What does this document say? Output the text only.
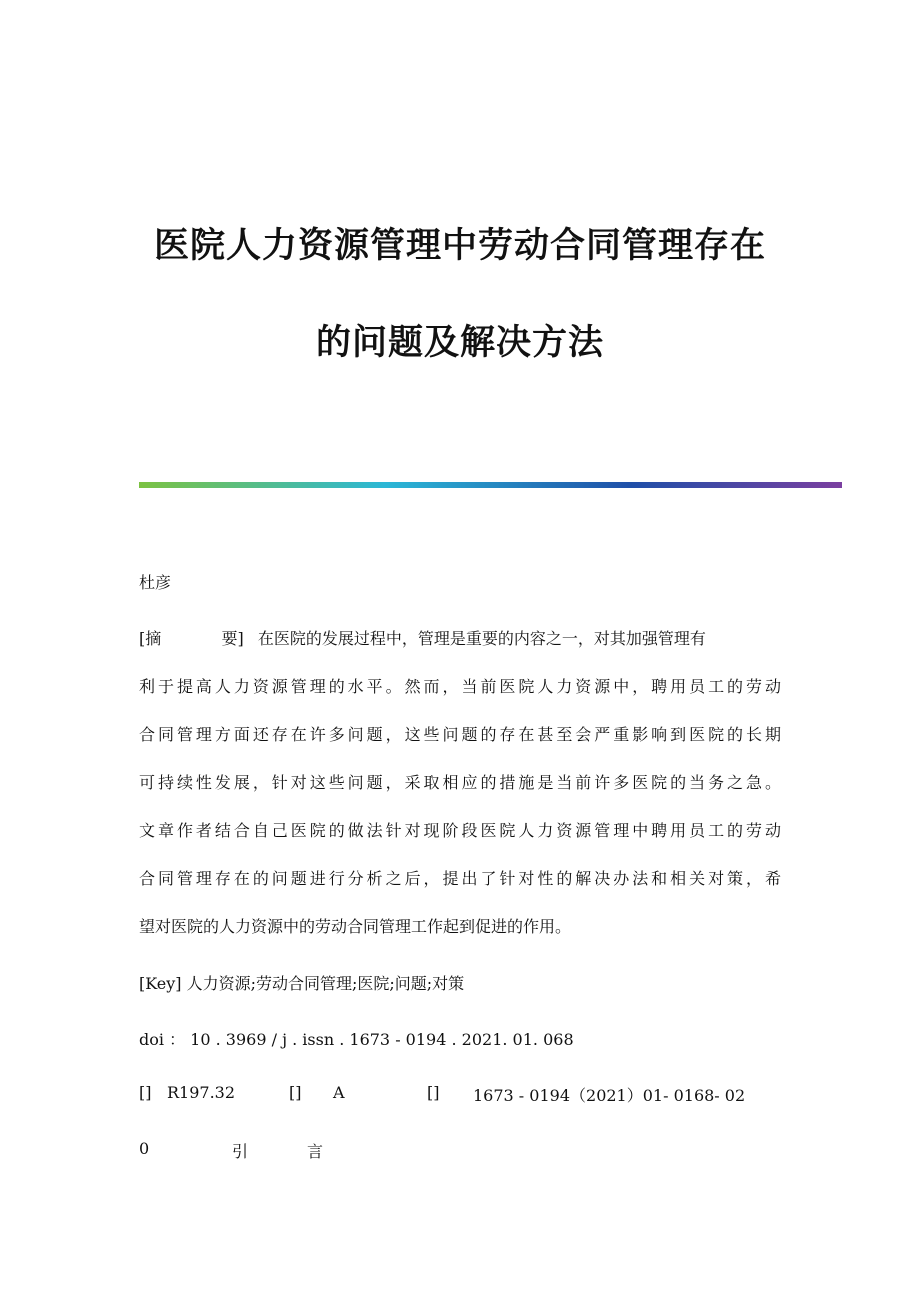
医院人力资源管理中劳动合同管理存在
的问题及解决方法
杜彦
[摘	要] 在医院的发展过程中，管理是重要的内容之一，对其加强管理有
利于提高人力资源管理的水平。然而，当前医院人力资源中，聘用员工的劳动
合同管理方面还存在许多问题，这些问题的存在甚至会严重影响到医院的长期
可持续性发展，针对这些问题，采取相应的措施是当前许多医院的当务之急。
文章作者结合自己医院的做法针对现阶段医院人力资源管理中聘用员工的劳动
合同管理存在的问题进行分析之后，提出了针对性的解决办法和相关对策，希
望对医院的人力资源中的劳动合同管理工作起到促进的作用。
[Key] 人力资源;劳动合同管理;医院;问题;对策
doi ： 10 . 3969 / j . issn . 1673 - 0194 . 2021. 01. 068
[] R197.32	[] A	[] 1673 - 0194（2021）01- 0168- 02
0	引	言
